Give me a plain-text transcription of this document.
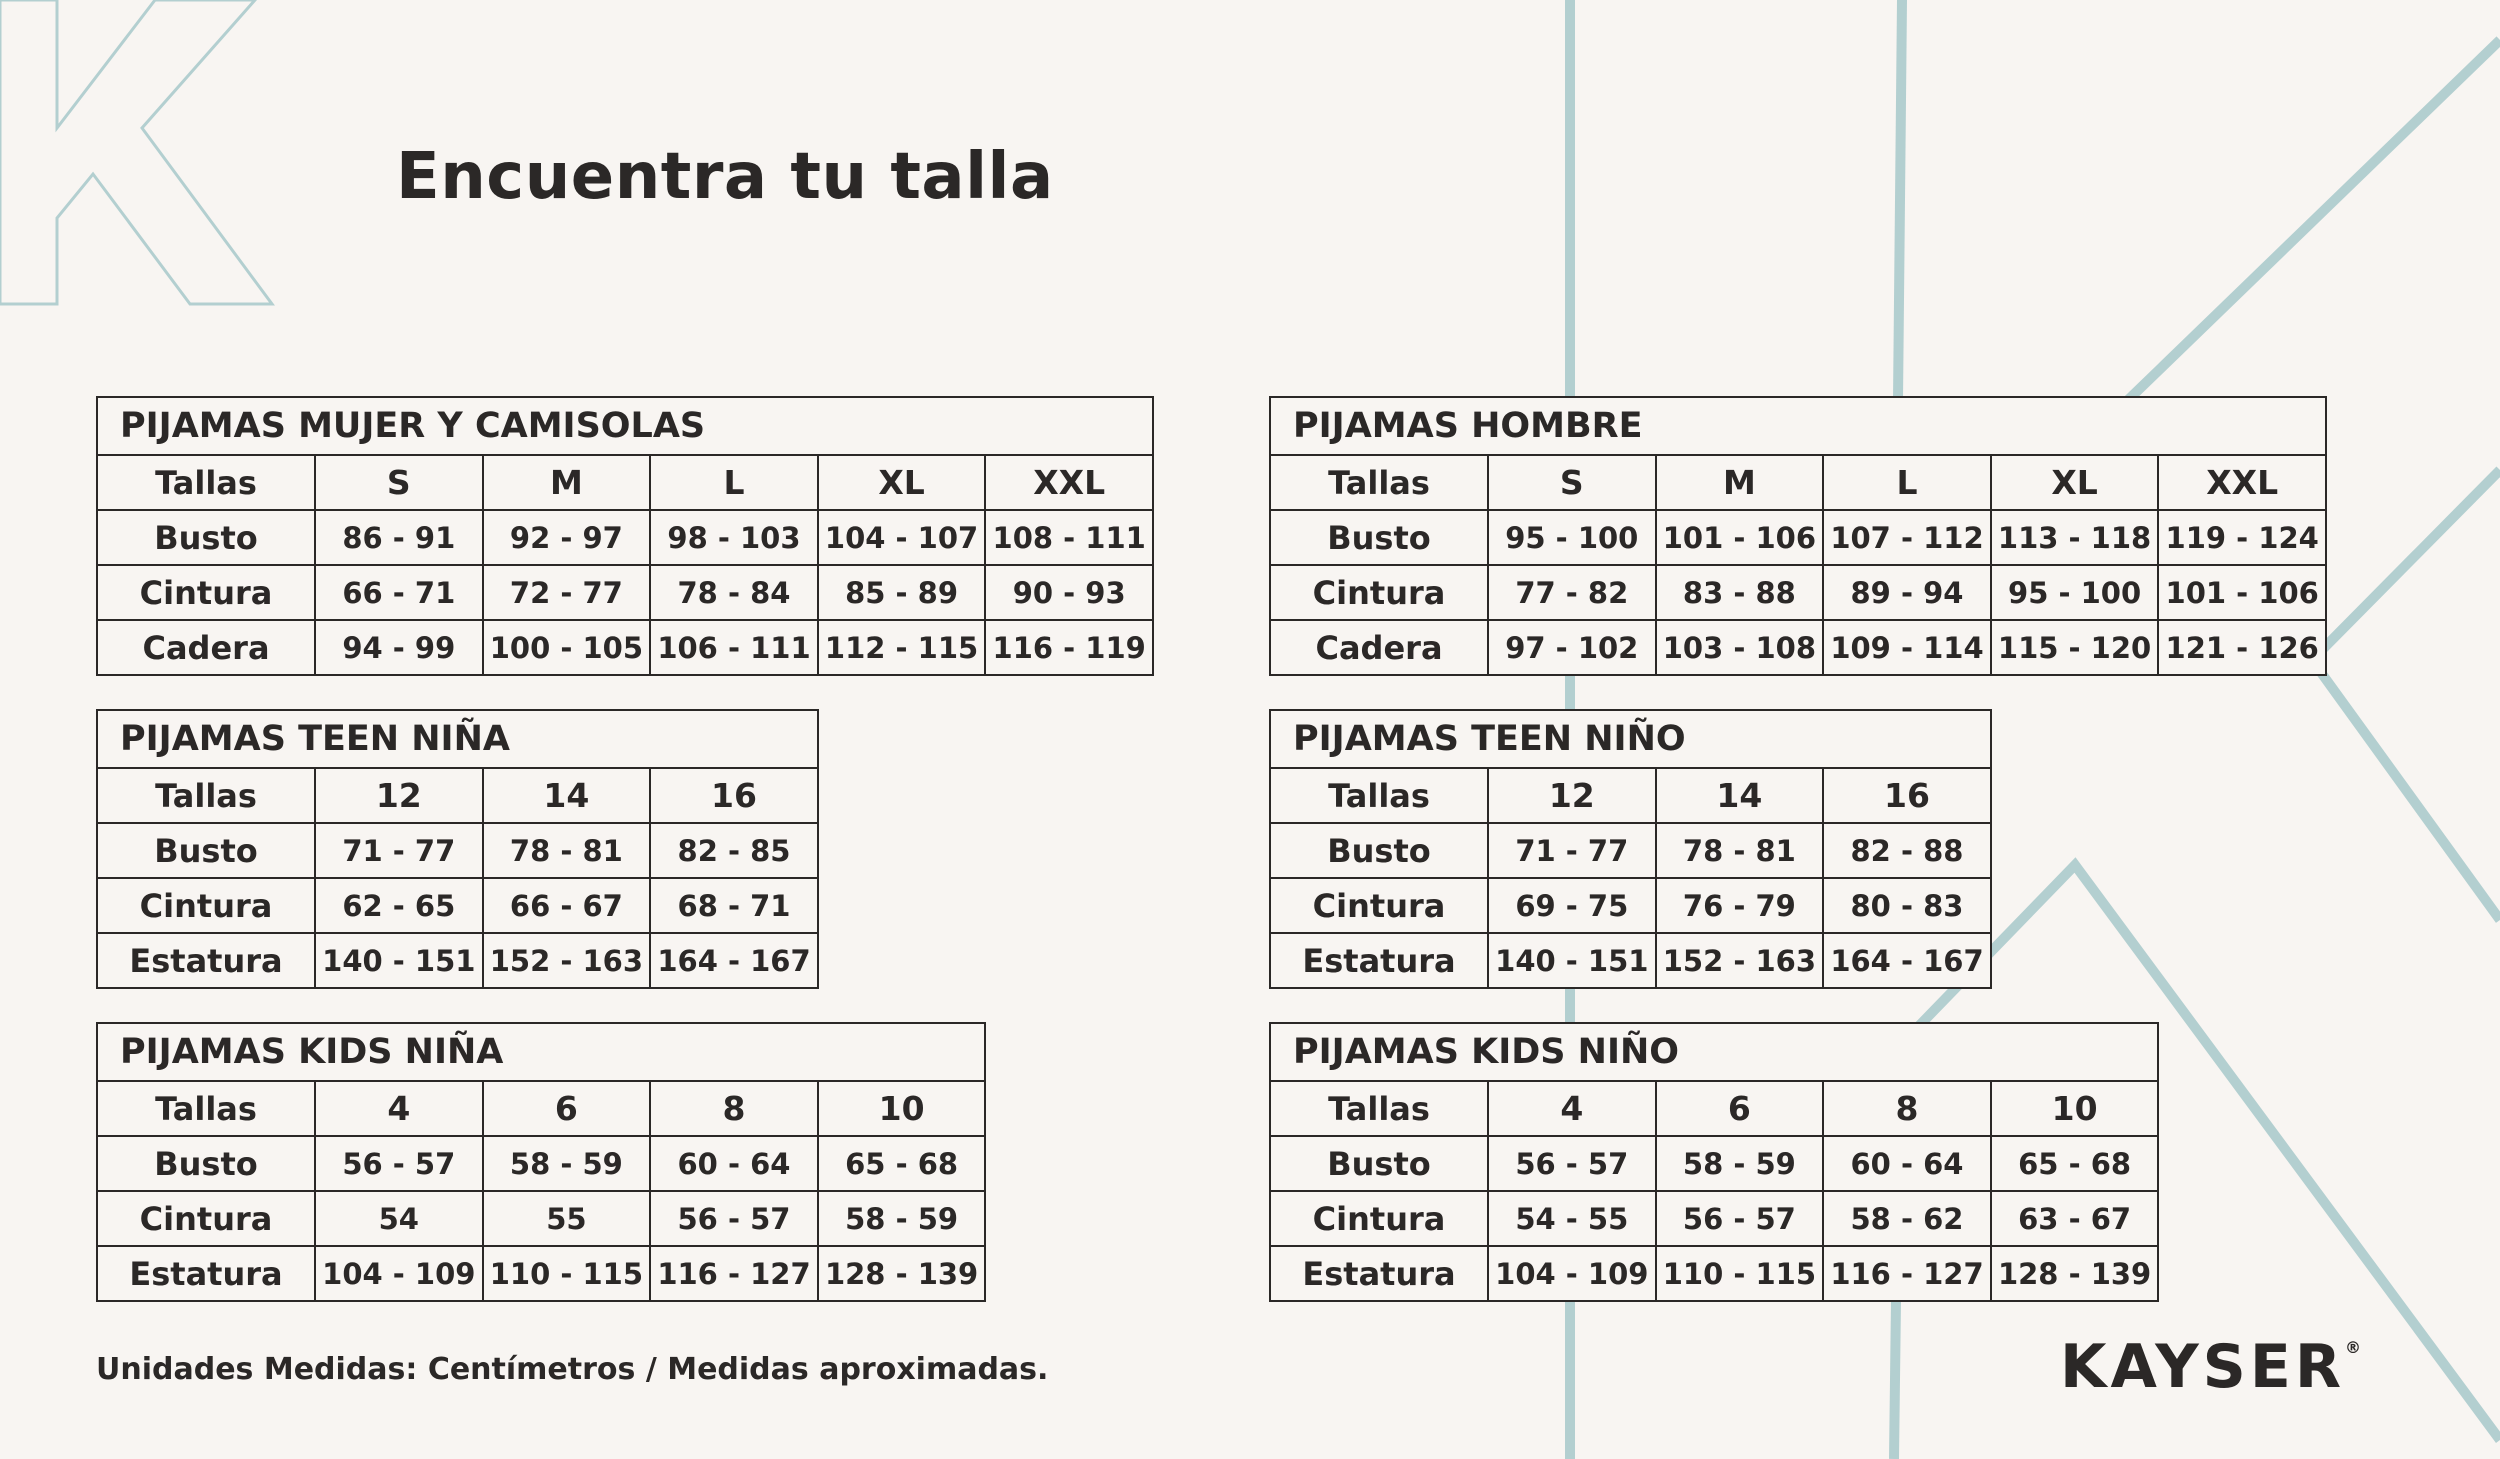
Encuentra tu talla
PIJAMAS MUJER Y CAMISOLAS					
Tallas	S	M	L	XL	XXL
Busto	86 - 91	92 - 97	98 - 103	104 - 107	108 - 111
Cintura	66 - 71	72 - 77	78 - 84	85 - 89	90 - 93
Cadera	94 - 99	100 - 105	106 - 111	112 - 115	116 - 119
PIJAMAS HOMBRE					
Tallas	S	M	L	XL	XXL
Busto	95 - 100	101 - 106	107 - 112	113 - 118	119 - 124
Cintura	77 - 82	83 - 88	89 - 94	95 - 100	101 - 106
Cadera	97 - 102	103 - 108	109 - 114	115 - 120	121 - 126
PIJAMAS TEEN NIÑA			
Tallas	12	14	16
Busto	71 - 77	78 - 81	82 - 85
Cintura	62 - 65	66 - 67	68 - 71
Estatura	140 - 151	152 - 163	164 - 167
PIJAMAS TEEN NIÑO			
Tallas	12	14	16
Busto	71 - 77	78 - 81	82 - 88
Cintura	69 - 75	76 - 79	80 - 83
Estatura	140 - 151	152 - 163	164 - 167
PIJAMAS KIDS NIÑA				
Tallas	4	6	8	10
Busto	56 - 57	58 - 59	60 - 64	65 - 68
Cintura	54	55	56 - 57	58 - 59
Estatura	104 - 109	110 - 115	116 - 127	128 - 139
PIJAMAS KIDS NIÑO				
Tallas	4	6	8	10
Busto	56 - 57	58 - 59	60 - 64	65 - 68
Cintura	54 - 55	56 - 57	58 - 62	63 - 67
Estatura	104 - 109	110 - 115	116 - 127	128 - 139

Unidades Medidas: Centímetros / Medidas aproximadas.	KAYSER®
